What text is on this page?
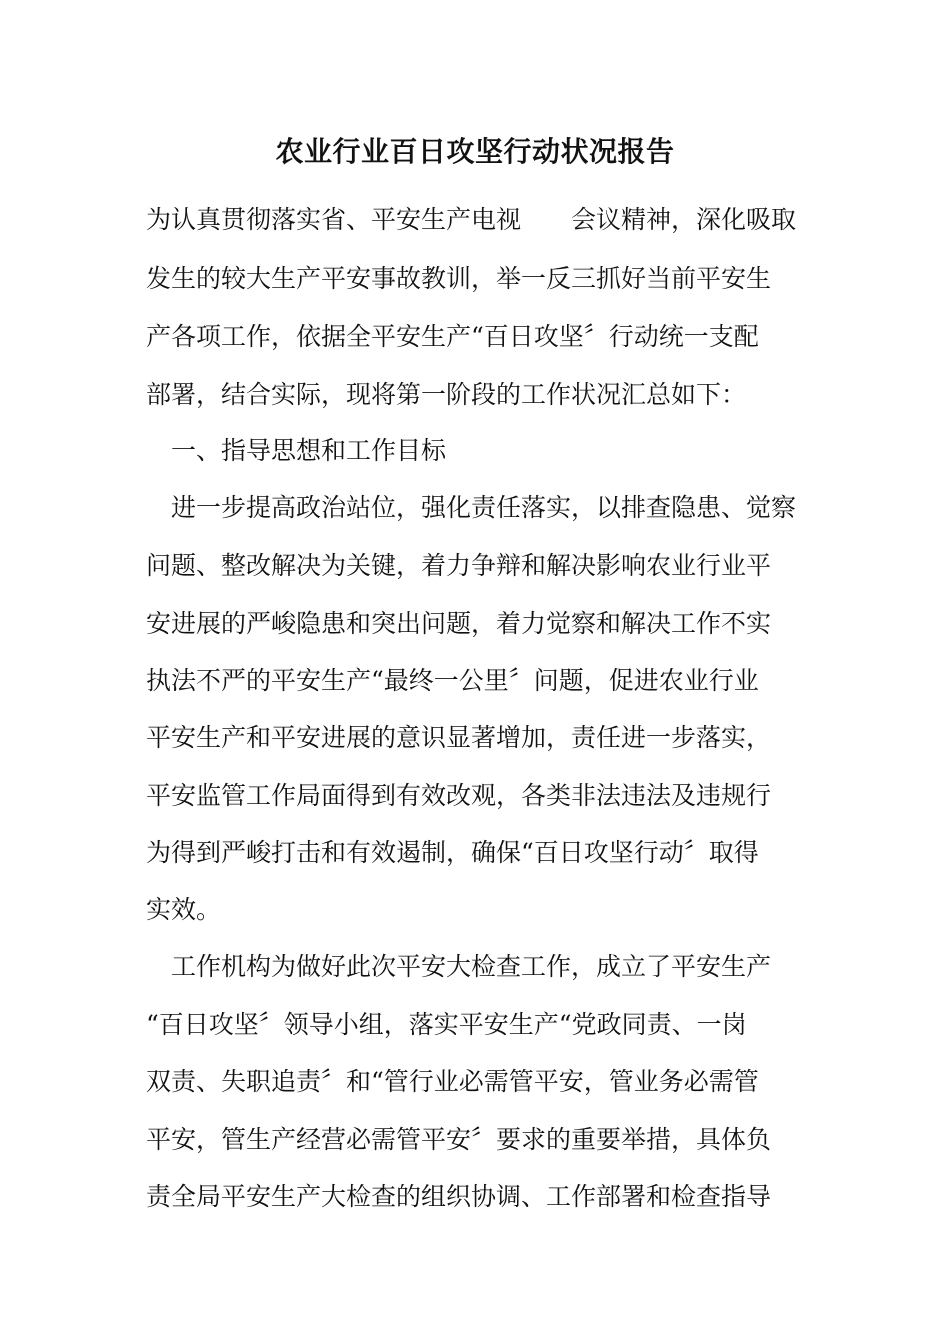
农业行业百日攻坚行动状况报告
为认真贯彻落实省、平安生产电视　　会议精神，深化吸取
发生的较大生产平安事故教训，举一反三抓好当前平安生
产各项工作，依据全平安生产“百日攻坚〞行动统一支配
部署，结合实际，现将第一阶段的工作状况汇总如下：
　一、指导思想和工作目标
　进一步提高政治站位，强化责任落实，以排查隐患、觉察
问题、整改解决为关键，着力争辩和解决影响农业行业平
安进展的严峻隐患和突出问题，着力觉察和解决工作不实
执法不严的平安生产“最终一公里〞问题，促进农业行业
平安生产和平安进展的意识显著增加，责任进一步落实，
平安监管工作局面得到有效改观，各类非法违法及违规行
为得到严峻打击和有效遏制，确保“百日攻坚行动〞取得
实效。
　工作机构为做好此次平安大检查工作，成立了平安生产
“百日攻坚〞领导小组，落实平安生产“党政同责、一岗
双责、失职追责〞和“管行业必需管平安，管业务必需管
平安，管生产经营必需管平安〞要求的重要举措，具体负
责全局平安生产大检查的组织协调、工作部署和检查指导
